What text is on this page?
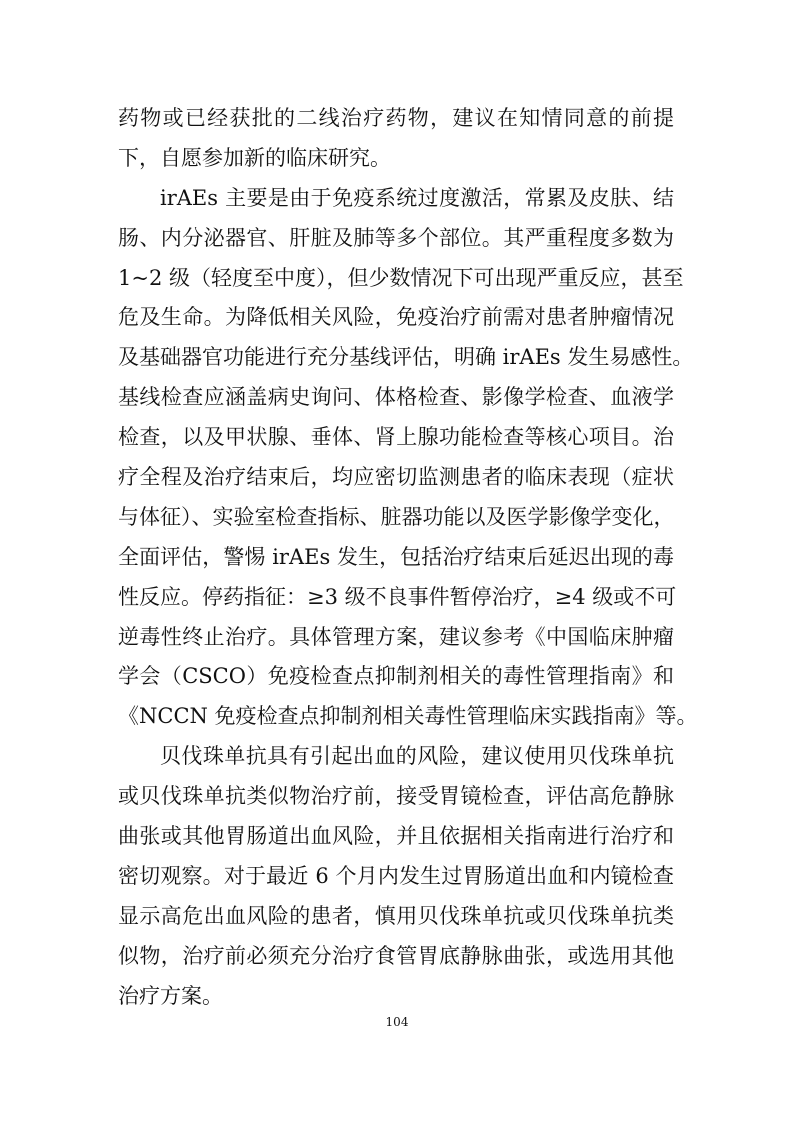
药物或已经获批的二线治疗药物，建议在知情同意的前提
下，自愿参加新的临床研究。
irAEs 主要是由于免疫系统过度激活，常累及皮肤、结
肠、内分泌器官、肝脏及肺等多个部位。其严重程度多数为
1~2 级（轻度至中度），但少数情况下可出现严重反应，甚至
危及生命。为降低相关风险，免疫治疗前需对患者肿瘤情况
及基础器官功能进行充分基线评估，明确 irAEs 发生易感性。
基线检查应涵盖病史询问、体格检查、影像学检查、血液学
检查，以及甲状腺、垂体、肾上腺功能检查等核心项目。治
疗全程及治疗结束后，均应密切监测患者的临床表现（症状
与体征）、实验室检查指标、脏器功能以及医学影像学变化，
全面评估，警惕 irAEs 发生，包括治疗结束后延迟出现的毒
性反应。停药指征：≥3 级不良事件暂停治疗，≥4 级或不可
逆毒性终止治疗。具体管理方案，建议参考《中国临床肿瘤
学会（CSCO）免疫检查点抑制剂相关的毒性管理指南》和
《NCCN 免疫检查点抑制剂相关毒性管理临床实践指南》等。
贝伐珠单抗具有引起出血的风险，建议使用贝伐珠单抗
或贝伐珠单抗类似物治疗前，接受胃镜检查，评估高危静脉
曲张或其他胃肠道出血风险，并且依据相关指南进行治疗和
密切观察。对于最近 6 个月内发生过胃肠道出血和内镜检查
显示高危出血风险的患者，慎用贝伐珠单抗或贝伐珠单抗类
似物，治疗前必须充分治疗食管胃底静脉曲张，或选用其他
治疗方案。
104
